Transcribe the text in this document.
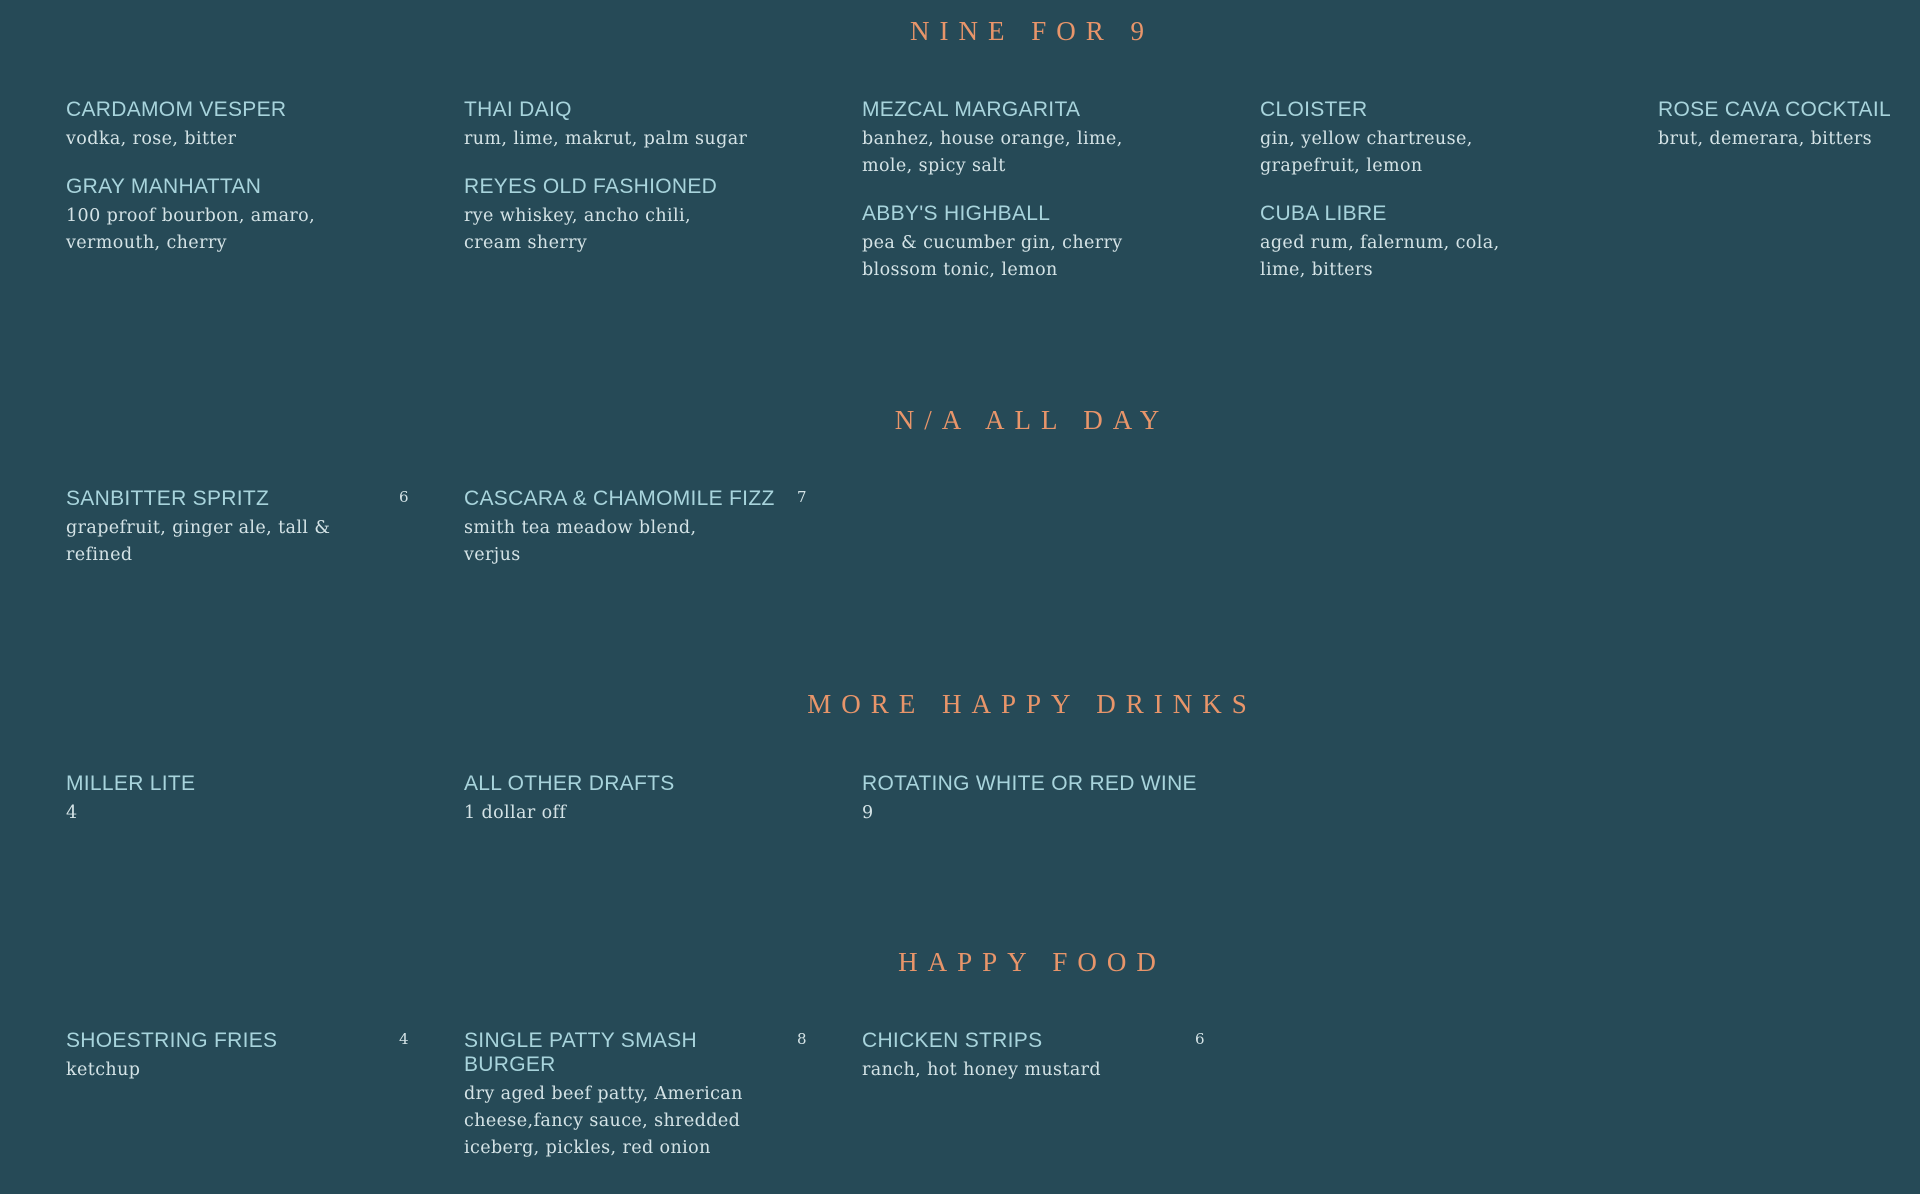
NINE FOR 9
CARDAMOM VESPER
vodka, rose, bitter
GRAY MANHATTAN
100 proof bourbon, amaro, vermouth, cherry
THAI DAIQ
rum, lime, makrut, palm sugar
REYES OLD FASHIONED
rye whiskey, ancho chili, cream sherry
MEZCAL MARGARITA
banhez, house orange, lime, mole, spicy salt
ABBY'S HIGHBALL
pea & cucumber gin, cherry blossom tonic, lemon
CLOISTER
gin, yellow chartreuse, grapefruit, lemon
CUBA LIBRE
aged rum, falernum, cola, lime, bitters
ROSE CAVA COCKTAIL
brut, demerara, bitters
N/A ALL DAY
SANBITTER SPRITZ
grapefruit, ginger ale, tall & refined
6	CASCARA & CHAMOMILE FIZZ
smith tea meadow blend, verjus
7
MORE HAPPY DRINKS
MILLER LITE
4
ALL OTHER DRAFTS
1 dollar off
ROTATING WHITE OR RED WINE
9
HAPPY FOOD
SHOESTRING FRIES
ketchup
4	SINGLE PATTY SMASH BURGER
dry aged beef patty, American cheese,fancy sauce, shredded iceberg, pickles, red onion
8	CHICKEN STRIPS
ranch, hot honey mustard
6
